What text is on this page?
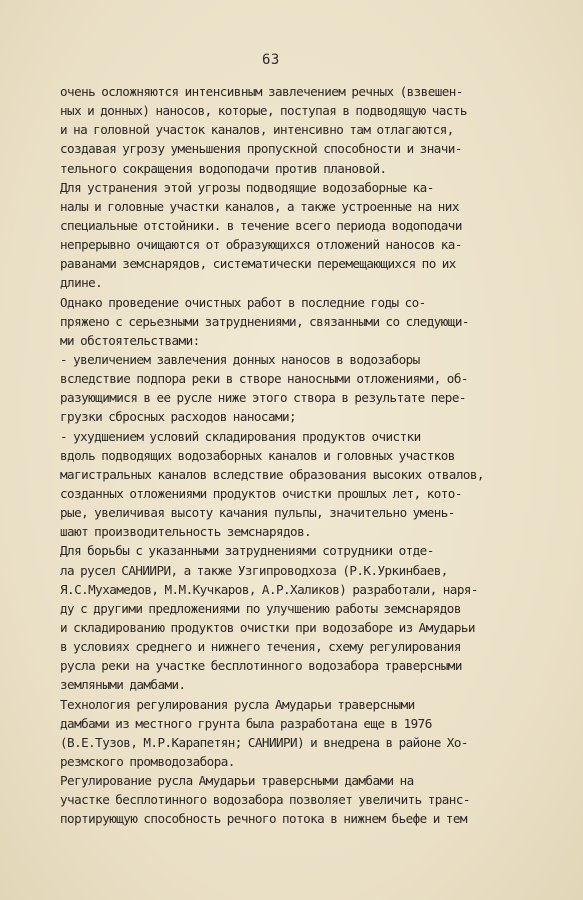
63
очень осложняются интенсивным завлечением речных (взвешен-
ных и донных) наносов, которые, поступая в подводящую часть
и на головной участок каналов, интенсивно там отлагаются,
создавая угрозу уменьшения пропускной способности и значи-
тельного сокращения водоподачи против плановой.
Для устранения этой угрозы подводящие водозаборные ка-
налы и головные участки каналов, а также устроенные на них
специальные отстойники. в течение всего периода водоподачи
непрерывно очищаются от образующихся отложений наносов ка-
раванами земснарядов, систематически перемещающихся по их
длине.
Однако проведение очистных работ в последние годы со-
пряжено с серьезными затруднениями, связанными со следующи-
ми обстоятельствами:
- увеличением завлечения донных наносов в водозаборы
вследствие подпора реки в створе наносными отложениями, об-
разующимися в ее русле ниже этого створа в результате пере-
грузки сбросных расходов наносами;
- ухудшением условий складирования продуктов очистки
вдоль подводящих водозаборных каналов и головных участков
магистральных каналов вследствие образования высоких отвалов,
созданных отложениями продуктов очистки прошлых лет, кото-
рые, увеличивая высоту качания пульпы, значительно умень-
шают производительность земснарядов.
Для борьбы с указанными затруднениями сотрудники отде-
ла русел САНИИРИ, а также Узгипроводхоза (Р.К.Уркинбаев,
Я.С.Мухамедов, М.М.Кучкаров, А.Р.Халиков) разработали, наря-
ду с другими предложениями по улучшению работы земснарядов
и складированию продуктов очистки при водозаборе из Амударьи
в условиях среднего и нижнего течения, схему регулирования
русла реки на участке бесплотинного водозабора траверсными
земляными дамбами.
Технология регулирования русла Амударьи траверсными
дамбами из местного грунта была разработана еще в 1976
(В.Е.Тузов, М.Р.Карапетян; САНИИРИ) и внедрена в районе Хо-
резмского промводозабора.
Регулирование русла Амударьи траверсными дамбами на
участке бесплотинного водозабора позволяет увеличить транс-
портирующую способность речного потока в нижнем бьефе и тем
